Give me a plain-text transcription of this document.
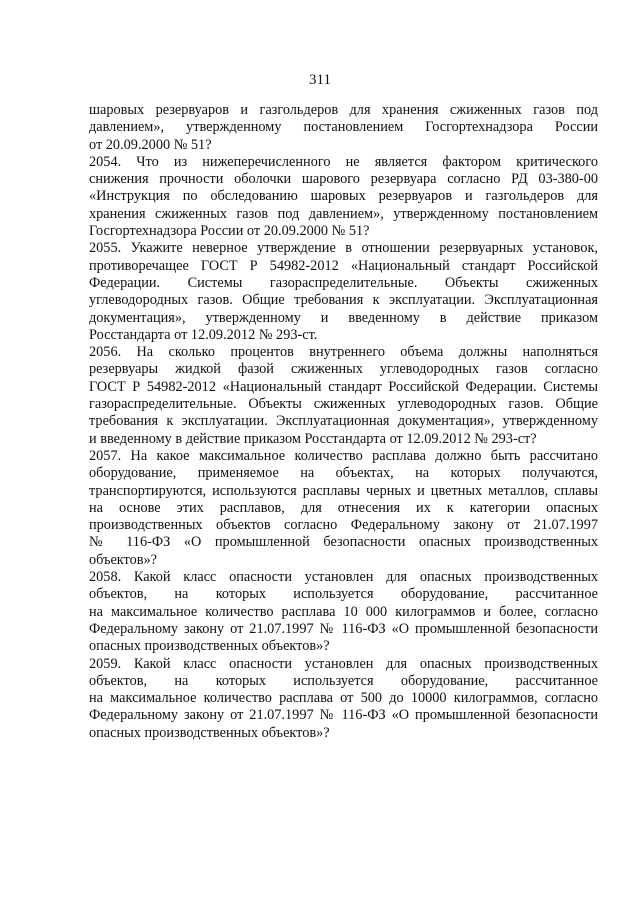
311
шаровых резервуаров и газгольдеров для хранения сжиженных газов под
давлением», утвержденному постановлением Госгортехнадзора России
от 20.09.2000 № 51?
2054. Что из нижеперечисленного не является фактором критического
снижения прочности оболочки шарового резервуара согласно РД 03-380-00
«Инструкция по обследованию шаровых резервуаров и газгольдеров для
хранения сжиженных газов под давлением», утвержденному постановлением
Госгортехнадзора России от 20.09.2000 № 51?
2055. Укажите неверное утверждение в отношении резервуарных установок,
противоречащее ГОСТ Р 54982-2012 «Национальный стандарт Российской
Федерации. Системы газораспределительные. Объекты сжиженных
углеводородных газов. Общие требования к эксплуатации. Эксплуатационная
документация», утвержденному и введенному в действие приказом
Росстандарта от 12.09.2012 № 293-ст.
2056. На сколько процентов внутреннего объема должны наполняться
резервуары жидкой фазой сжиженных углеводородных газов согласно
ГОСТ Р 54982-2012 «Национальный стандарт Российской Федерации. Системы
газораспределительные. Объекты сжиженных углеводородных газов. Общие
требования к эксплуатации. Эксплуатационная документация», утвержденному
и введенному в действие приказом Росстандарта от 12.09.2012 № 293-ст?
2057. На какое максимальное количество расплава должно быть рассчитано
оборудование, применяемое на объектах, на которых получаются,
транспортируются, используются расплавы черных и цветных металлов, сплавы
на основе этих расплавов, для отнесения их к категории опасных
производственных объектов согласно Федеральному закону от 21.07.1997
№ 116-ФЗ «О промышленной безопасности опасных производственных
объектов»?
2058. Какой класс опасности установлен для опасных производственных
объектов, на которых используется оборудование, рассчитанное
на максимальное количество расплава 10 000 килограммов и более, согласно
Федеральному закону от 21.07.1997 № 116-ФЗ «О промышленной безопасности
опасных производственных объектов»?
2059. Какой класс опасности установлен для опасных производственных
объектов, на которых используется оборудование, рассчитанное
на максимальное количество расплава от 500 до 10000 килограммов, согласно
Федеральному закону от 21.07.1997 № 116-ФЗ «О промышленной безопасности
опасных производственных объектов»?
